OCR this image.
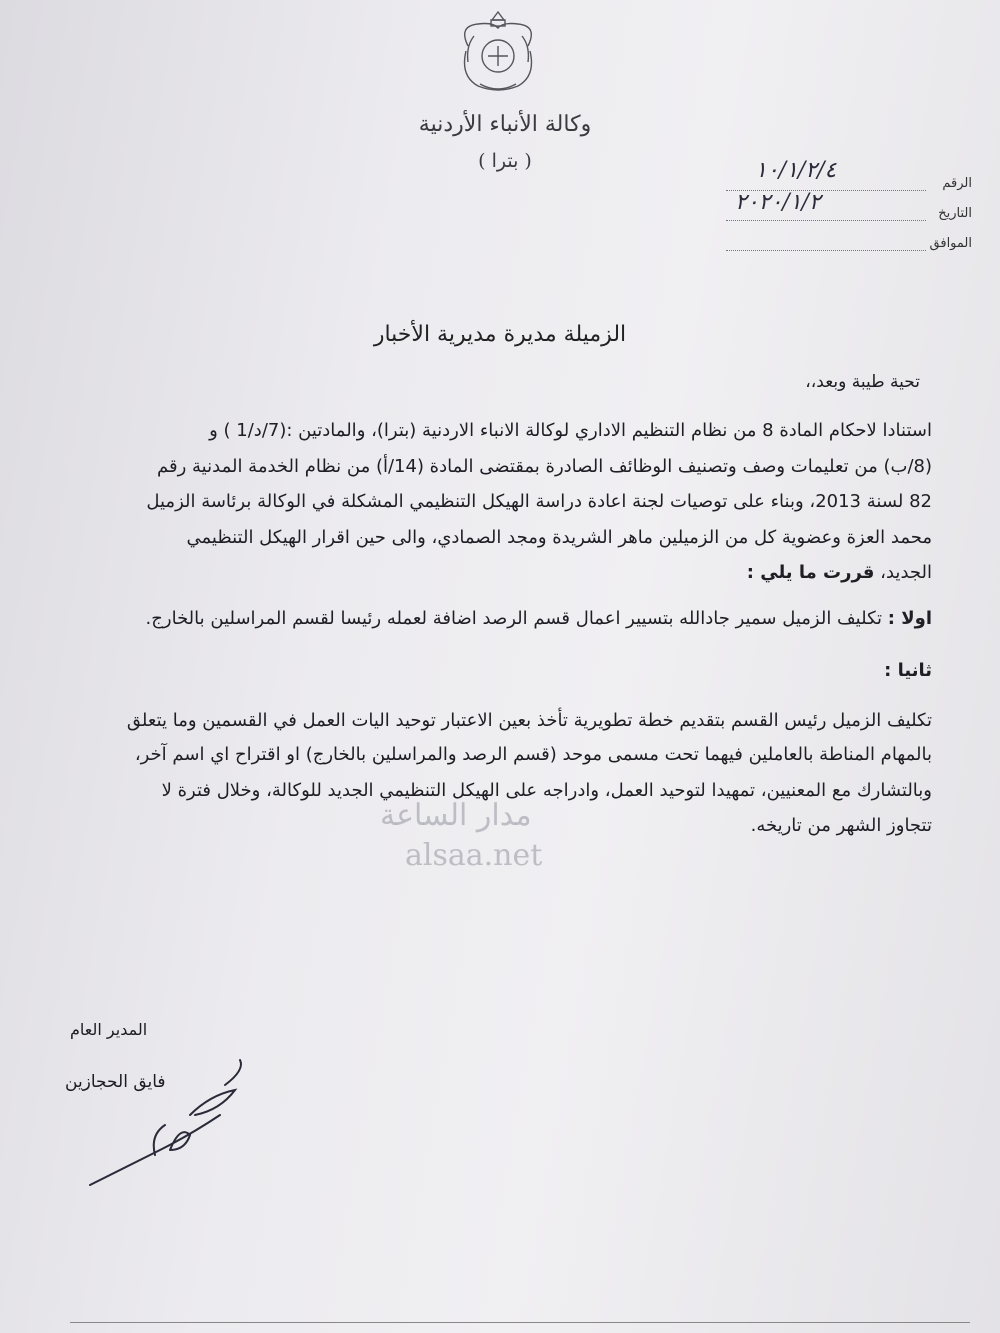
وكالة الأنباء الأردنية
( بترا )
الرقم
التاريخ
الموافق
١٠/١/٢/٤
٢٠٢٠/١/٢
الزميلة مديرة مديرية الأخبار
تحية طيبة وبعد،،
استنادا لاحكام المادة 8 من نظام التنظيم الاداري لوكالة الانباء الاردنية (بترا)، والمادتين :(7/د/1 ) و
(8/ب) من تعليمات وصف وتصنيف الوظائف الصادرة بمقتضى المادة (14/أ) من نظام الخدمة المدنية رقم
82 لسنة 2013، وبناء على توصيات لجنة اعادة دراسة الهيكل التنظيمي المشكلة في الوكالة برئاسة الزميل
محمد العزة وعضوية كل من الزميلين ماهر الشريدة ومجد الصمادي، والى حين اقرار الهيكل التنظيمي
الجديد، قررت ما يلي :
اولا : تكليف الزميل سمير جادالله بتسيير اعمال قسم الرصد اضافة لعمله رئيسا لقسم المراسلين بالخارج.
ثانيا :
تكليف الزميل رئيس القسم بتقديم خطة تطويرية تأخذ بعين الاعتبار توحيد اليات العمل في القسمين وما يتعلق
بالمهام المناطة بالعاملين فيهما تحت مسمى موحد (قسم الرصد والمراسلين بالخارج) او اقتراح اي اسم آخر،
وبالتشارك مع المعنيين، تمهيدا لتوحيد العمل، وادراجه على الهيكل التنظيمي الجديد للوكالة، وخلال فترة لا
تتجاوز الشهر من تاريخه.
مدار الساعة
alsaa.net
المدير العام
فايق الحجازين
